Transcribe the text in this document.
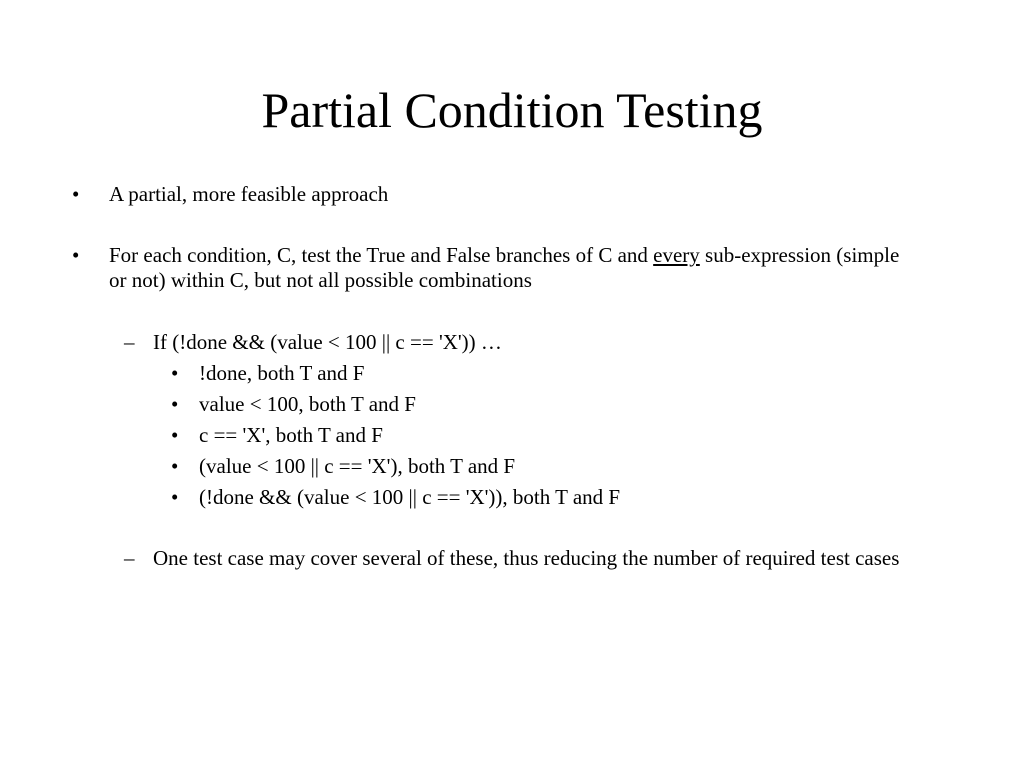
Partial Condition Testing
•	A partial, more feasible approach
•	For each condition, C, test the True and False branches of C and every sub-expression (simple or not) within C, but not all possible combinations
– If (!done && (value < 100 || c == 'X')) …
• !done, both T and F
• value < 100, both T and F
• c == 'X', both T and F
• (value < 100 || c == 'X'), both T and F
• (!done && (value < 100 || c == 'X')), both T and F
– One test case may cover several of these, thus reducing the number of required test cases
